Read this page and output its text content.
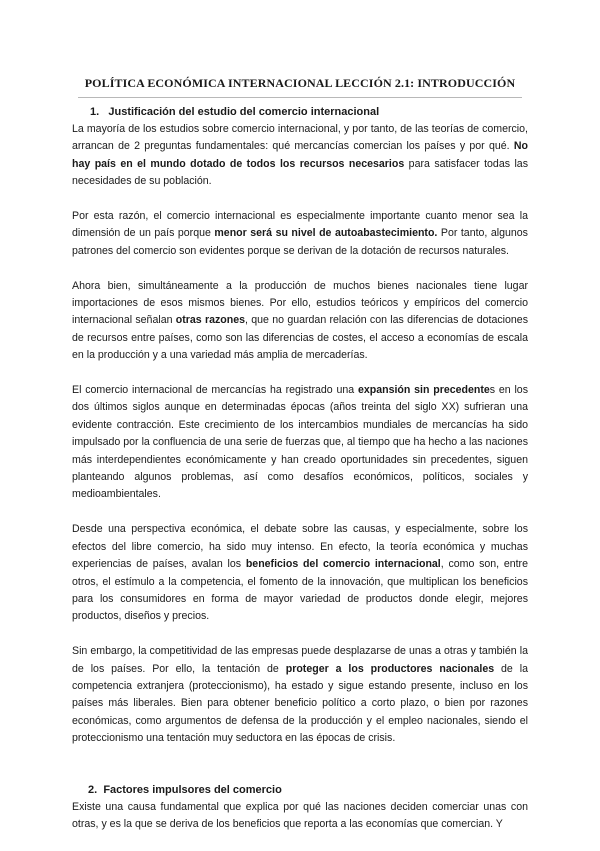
POLÍTICA ECONÓMICA INTERNACIONAL LECCIÓN 2.1: INTRODUCCIÓN

1. Justificación del estudio del comercio internacional

La mayoría de los estudios sobre comercio internacional, y por tanto, de las teorías de comercio, arrancan de 2 preguntas fundamentales: qué mercancías comercian los países y por qué. No hay país en el mundo dotado de todos los recursos necesarios para satisfacer todas las necesidades de su población.

Por esta razón, el comercio internacional es especialmente importante cuanto menor sea la dimensión de un país porque menor será su nivel de autoabastecimiento. Por tanto, algunos patrones del comercio son evidentes porque se derivan de la dotación de recursos naturales.

Ahora bien, simultáneamente a la producción de muchos bienes nacionales tiene lugar importaciones de esos mismos bienes. Por ello, estudios teóricos y empíricos del comercio internacional señalan otras razones, que no guardan relación con las diferencias de dotaciones de recursos entre países, como son las diferencias de costes, el acceso a economías de escala en la producción y a una variedad más amplia de mercaderías.

El comercio internacional de mercancías ha registrado una expansión sin precedentes en los dos últimos siglos aunque en determinadas épocas (años treinta del siglo XX) sufrieran una evidente contracción. Este crecimiento de los intercambios mundiales de mercancías ha sido impulsado por la confluencia de una serie de fuerzas que, al tiempo que ha hecho a las naciones más interdependientes económicamente y han creado oportunidades sin precedentes, siguen planteando algunos problemas, así como desafíos económicos, políticos, sociales y medioambientales.

Desde una perspectiva económica, el debate sobre las causas, y especialmente, sobre los efectos del libre comercio, ha sido muy intenso. En efecto, la teoría económica y muchas experiencias de países, avalan los beneficios del comercio internacional, como son, entre otros, el estímulo a la competencia, el fomento de la innovación, que multiplican los beneficios para los consumidores en forma de mayor variedad de productos donde elegir, mejores productos, diseños y precios.

Sin embargo, la competitividad de las empresas puede desplazarse de unas a otras y también la de los países. Por ello, la tentación de proteger a los productores nacionales de la competencia extranjera (proteccionismo), ha estado y sigue estando presente, incluso en los países más liberales. Bien para obtener beneficio político a corto plazo, o bien por razones económicas, como argumentos de defensa de la producción y el empleo nacionales, siendo el proteccionismo una tentación muy seductora en las épocas de crisis.

2. Factores impulsores del comercio

Existe una causa fundamental que explica por qué las naciones deciden comerciar unas con otras, y es la que se deriva de los beneficios que reporta a las economías que comercian. Y
